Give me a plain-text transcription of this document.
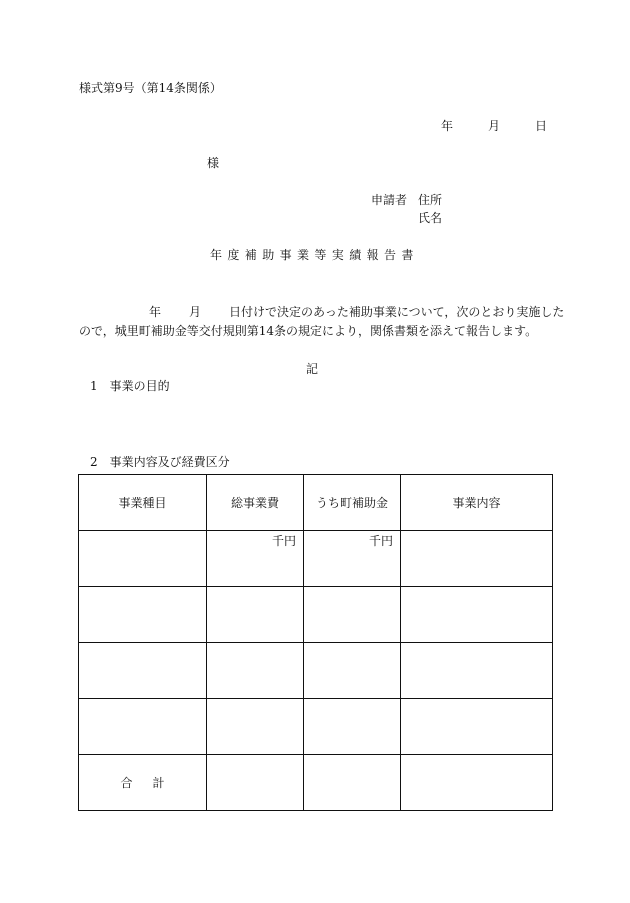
様式第9号（第14条関係）
年	月	日
様
申請者 住所
氏名
年度補助事業等実績報告書
年 月 日付けで決定のあった補助事業について，次のとおり実施した
ので，城里町補助金等交付規則第14条の規定により，関係書類を添えて報告します。
記
1　事業の目的
2　事業内容及び経費区分
事業種目	総事業費	うち町補助金	事業内容

	千円	千円	

合計			
